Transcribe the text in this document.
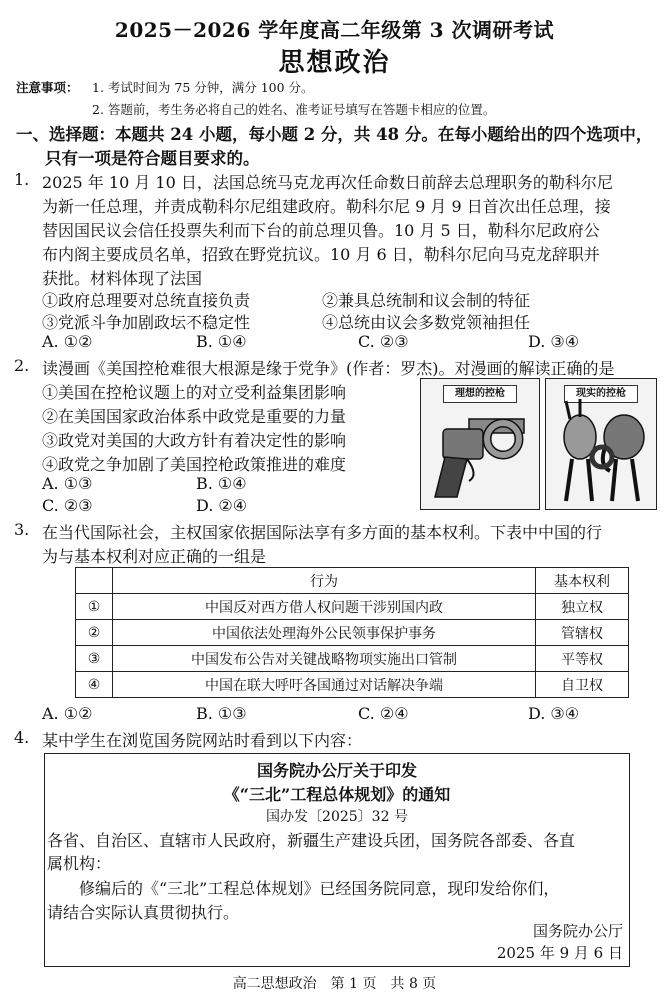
2025－2026 学年度高二年级第 3 次调研考试
思想政治
注意事项： 1. 考试时间为 75 分钟，满分 100 分。
2. 答题前，考生务必将自己的姓名、准考证号填写在答题卡相应的位置。
一、选择题：本题共 24 小题，每小题 2 分，共 48 分。在每小题给出的四个选项中，
只有一项是符合题目要求的。
1. 2025 年 10 月 10 日，法国总统马克龙再次任命数日前辞去总理职务的勒科尔尼
为新一任总理，并责成勒科尔尼组建政府。勒科尔尼 9 月 9 日首次出任总理，接
替因国民议会信任投票失利而下台的前总理贝鲁。10 月 5 日，勒科尔尼政府公
布内阁主要成员名单，招致在野党抗议。10 月 6 日，勒科尔尼向马克龙辞职并
获批。材料体现了法国
①政府总理要对总统直接负责	②兼具总统制和议会制的特征
③党派斗争加剧政坛不稳定性	④总统由议会多数党领袖担任
A. ①②	B. ①④	C. ②③	D. ③④
2. 读漫画《美国控枪难很大根源是缘于党争》(作者：罗杰)。对漫画的解读正确的是
①美国在控枪议题上的对立受利益集团影响
②在美国国家政治体系中政党是重要的力量
③政党对美国的大政方针有着决定性的影响
④政党之争加剧了美国控枪政策推进的难度
A. ①③	B. ①④
C. ②③	D. ②④
理想的控枪	现实的控枪
3. 在当代国际社会，主权国家依据国际法享有多方面的基本权利。下表中中国的行
为与基本权利对应正确的一组是
	行为	基本权利
①	中国反对西方借人权问题干涉别国内政	独立权
②	中国依法处理海外公民领事保护事务	管辖权
③	中国发布公告对关键战略物项实施出口管制	平等权
④	中国在联大呼吁各国通过对话解决争端	自卫权
A. ①②	B. ①③	C. ②④	D. ③④
4. 某中学生在浏览国务院网站时看到以下内容：
国务院办公厅关于印发
《“三北”工程总体规划》的通知
国办发〔2025〕32 号
各省、自治区、直辖市人民政府，新疆生产建设兵团，国务院各部委、各直
属机构：
修编后的《“三北”工程总体规划》已经国务院同意，现印发给你们，
请结合实际认真贯彻执行。
国务院办公厅
2025 年 9 月 6 日
高二思想政治　第 1 页　共 8 页
